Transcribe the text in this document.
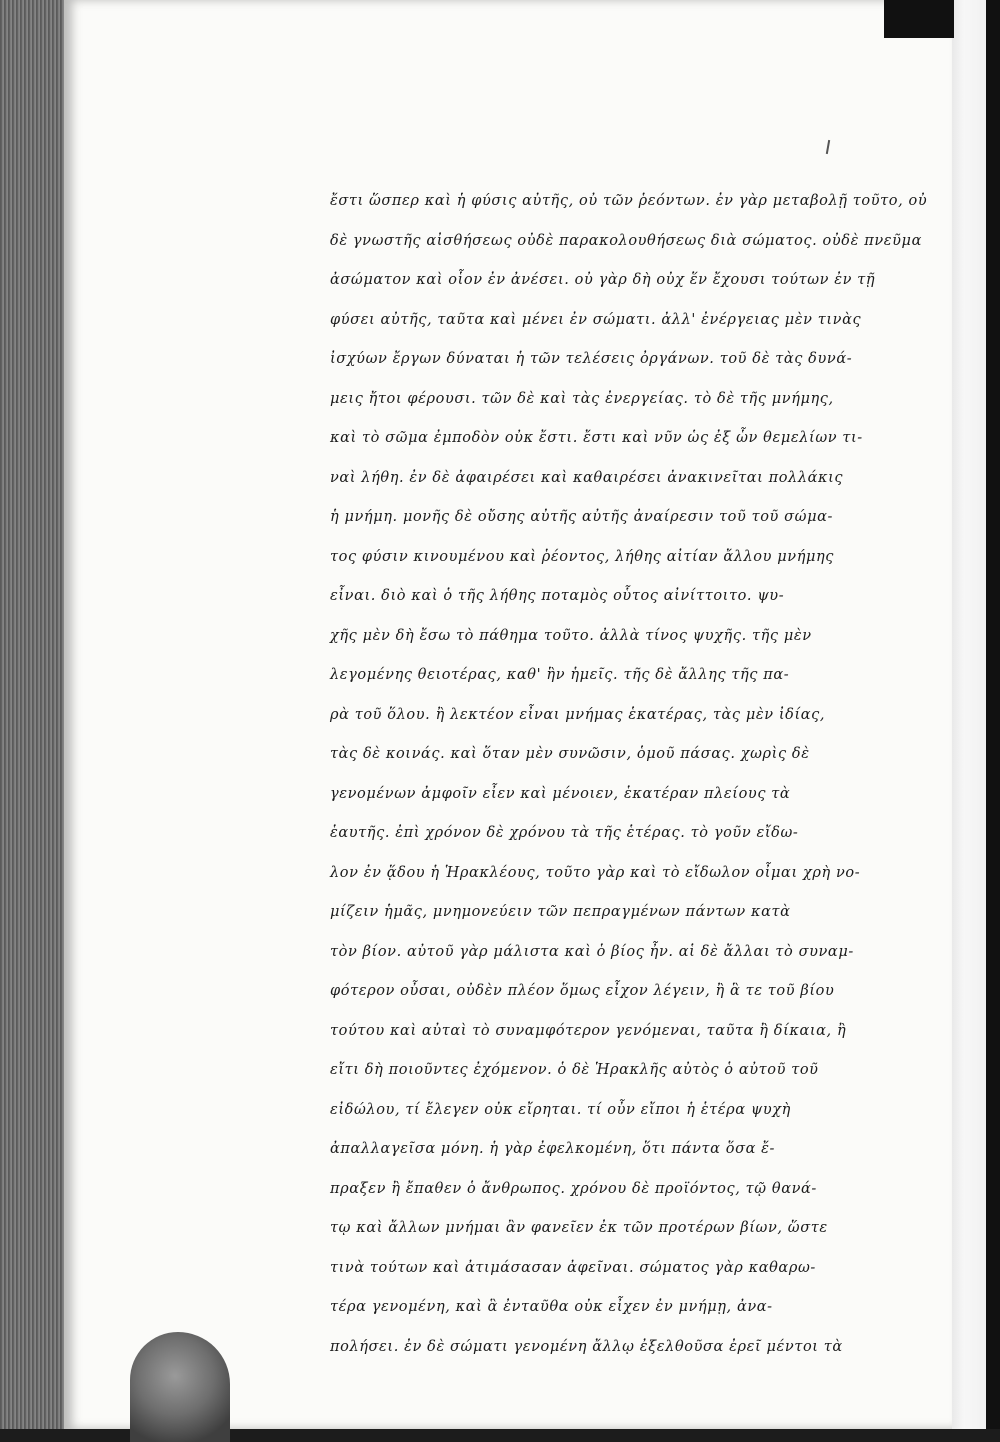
ἔστι ὥσπερ καὶ ἡ φύσις αὐτῆς, οὐ τῶν ῥεόντων. ἐν γὰρ μεταβολῇ τοῦτο, οὐ
δὲ γνωστῆς αἰσθήσεως οὐδὲ παρακολουθήσεως διὰ σώματος. οὐδὲ πνεῦμα
ἀσώματον καὶ οἷον ἐν ἀνέσει. οὐ γὰρ δὴ οὐχ ἕν ἔχουσι τούτων ἐν τῇ
φύσει αὐτῆς, ταῦτα καὶ μένει ἐν σώματι. ἀλλ' ἐνέργειας μὲν τινὰς
ἰσχύων ἔργων δύναται ἡ τῶν τελέσεις ὀργάνων. τοῦ δὲ τὰς δυνά-
μεις ἤτοι φέρουσι. τῶν δὲ καὶ τὰς ἐνεργείας. τὸ δὲ τῆς μνήμης,
καὶ τὸ σῶμα ἐμποδὸν οὐκ ἔστι. ἔστι καὶ νῦν ὡς ἐξ ὧν θεμελίων τι-
ναὶ λήθη. ἐν δὲ ἀφαιρέσει καὶ καθαιρέσει ἀνακινεῖται πολλάκις
ἡ μνήμη. μονῆς δὲ οὔσης αὐτῆς αὐτῆς ἀναίρεσιν τοῦ τοῦ σώμα-
τος φύσιν κινουμένου καὶ ῥέοντος, λήθης αἰτίαν ἄλλου μνήμης
εἶναι. διὸ καὶ ὁ τῆς λήθης ποταμὸς οὗτος αἰνίττοιτο. ψυ-
χῆς μὲν δὴ ἔσω τὸ πάθημα τοῦτο. ἀλλὰ τίνος ψυχῆς. τῆς μὲν
λεγομένης θειοτέρας, καθ' ἣν ἡμεῖς. τῆς δὲ ἄλλης τῆς πα-
ρὰ τοῦ ὅλου. ἢ λεκτέον εἶναι μνήμας ἑκατέρας, τὰς μὲν ἰδίας,
τὰς δὲ κοινάς. καὶ ὅταν μὲν συνῶσιν, ὁμοῦ πάσας. χωρὶς δὲ
γενομένων ἀμφοῖν εἶεν καὶ μένοιεν, ἑκατέραν πλείους τὰ
ἑαυτῆς. ἐπὶ χρόνον δὲ χρόνου τὰ τῆς ἑτέρας. τὸ γοῦν εἴδω-
λον ἐν ᾅδου ἡ Ἡρακλέους, τοῦτο γὰρ καὶ τὸ εἴδωλον οἶμαι χρὴ νο-
μίζειν ἡμᾶς, μνημονεύειν τῶν πεπραγμένων πάντων κατὰ
τὸν βίον. αὐτοῦ γὰρ μάλιστα καὶ ὁ βίος ἦν. αἱ δὲ ἄλλαι τὸ συναμ-
φότερον οὖσαι, οὐδὲν πλέον ὅμως εἶχον λέγειν, ἢ ἃ τε τοῦ βίου
τούτου καὶ αὐταὶ τὸ συναμφότερον γενόμεναι, ταῦτα ἢ δίκαια, ἢ
εἴτι δὴ ποιοῦντες ἐχόμενον. ὁ δὲ Ἡρακλῆς αὐτὸς ὁ αὐτοῦ τοῦ
εἰδώλου, τί ἔλεγεν οὐκ εἴρηται. τί οὖν εἴποι ἡ ἑτέρα ψυχὴ
ἀπαλλαγεῖσα μόνη. ἡ γὰρ ἐφελκομένη, ὅτι πάντα ὅσα ἔ-
πραξεν ἢ ἔπαθεν ὁ ἄνθρωπος. χρόνου δὲ προϊόντος, τῷ θανά-
τῳ καὶ ἄλλων μνήμαι ἂν φανεῖεν ἐκ τῶν προτέρων βίων, ὥστε
τινὰ τούτων καὶ ἀτιμάσασαν ἀφεῖναι. σώματος γὰρ καθαρω-
τέρα γενομένη, καὶ ἃ ἐνταῦθα οὐκ εἶχεν ἐν μνήμῃ, ἀνα-
πολήσει. ἐν δὲ σώματι γενομένη ἄλλῳ ἐξελθοῦσα ἐρεῖ μέντοι τὰ
